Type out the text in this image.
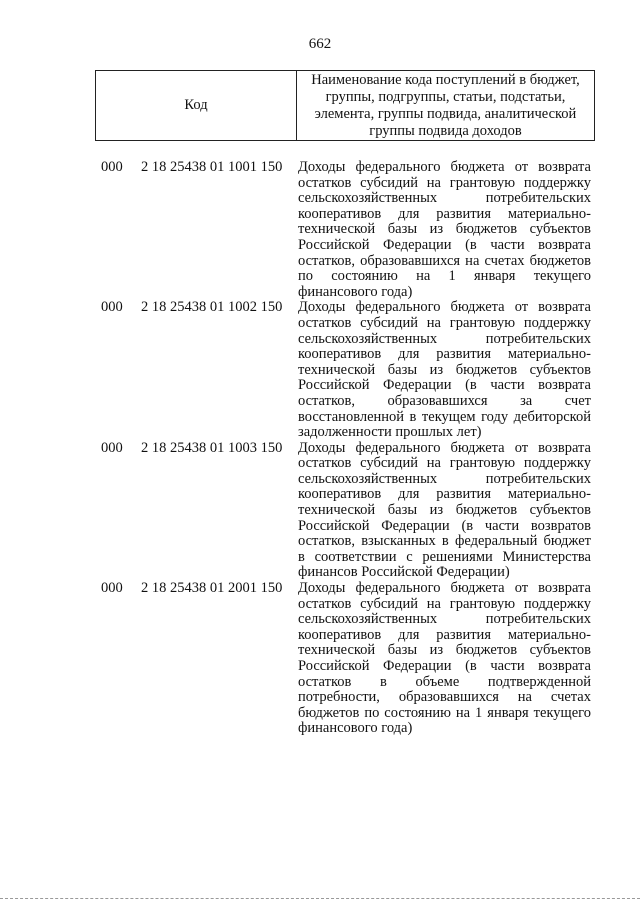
662
Код
Наименование кода поступлений в бюджет,
группы, подгруппы, статьи, подстатьи,
элемента, группы подвида, аналитической
группы подвида доходов
000	2 18 25438 01 1001 150	Доходы федерального бюджета от возврата
остатков субсидий на грантовую поддержку
сельскохозяйственных потребительских
кооперативов для развития материально-
технической базы из бюджетов субъектов
Российской Федерации (в части возврата
остатков, образовавшихся на счетах бюджетов
по состоянию на 1 января текущего
финансового года)
000	2 18 25438 01 1002 150	Доходы федерального бюджета от возврата
остатков субсидий на грантовую поддержку
сельскохозяйственных потребительских
кооперативов для развития материально-
технической базы из бюджетов субъектов
Российской Федерации (в части возврата
остатков, образовавшихся за счет
восстановленной в текущем году дебиторской
задолженности прошлых лет)
000	2 18 25438 01 1003 150	Доходы федерального бюджета от возврата
остатков субсидий на грантовую поддержку
сельскохозяйственных потребительских
кооперативов для развития материально-
технической базы из бюджетов субъектов
Российской Федерации (в части возвратов
остатков, взысканных в федеральный бюджет
в соответствии с решениями Министерства
финансов Российской Федерации)
000	2 18 25438 01 2001 150	Доходы федерального бюджета от возврата
остатков субсидий на грантовую поддержку
сельскохозяйственных потребительских
кооперативов для развития материально-
технической базы из бюджетов субъектов
Российской Федерации (в части возврата
остатков в объеме подтвержденной
потребности, образовавшихся на счетах
бюджетов по состоянию на 1 января текущего
финансового года)
